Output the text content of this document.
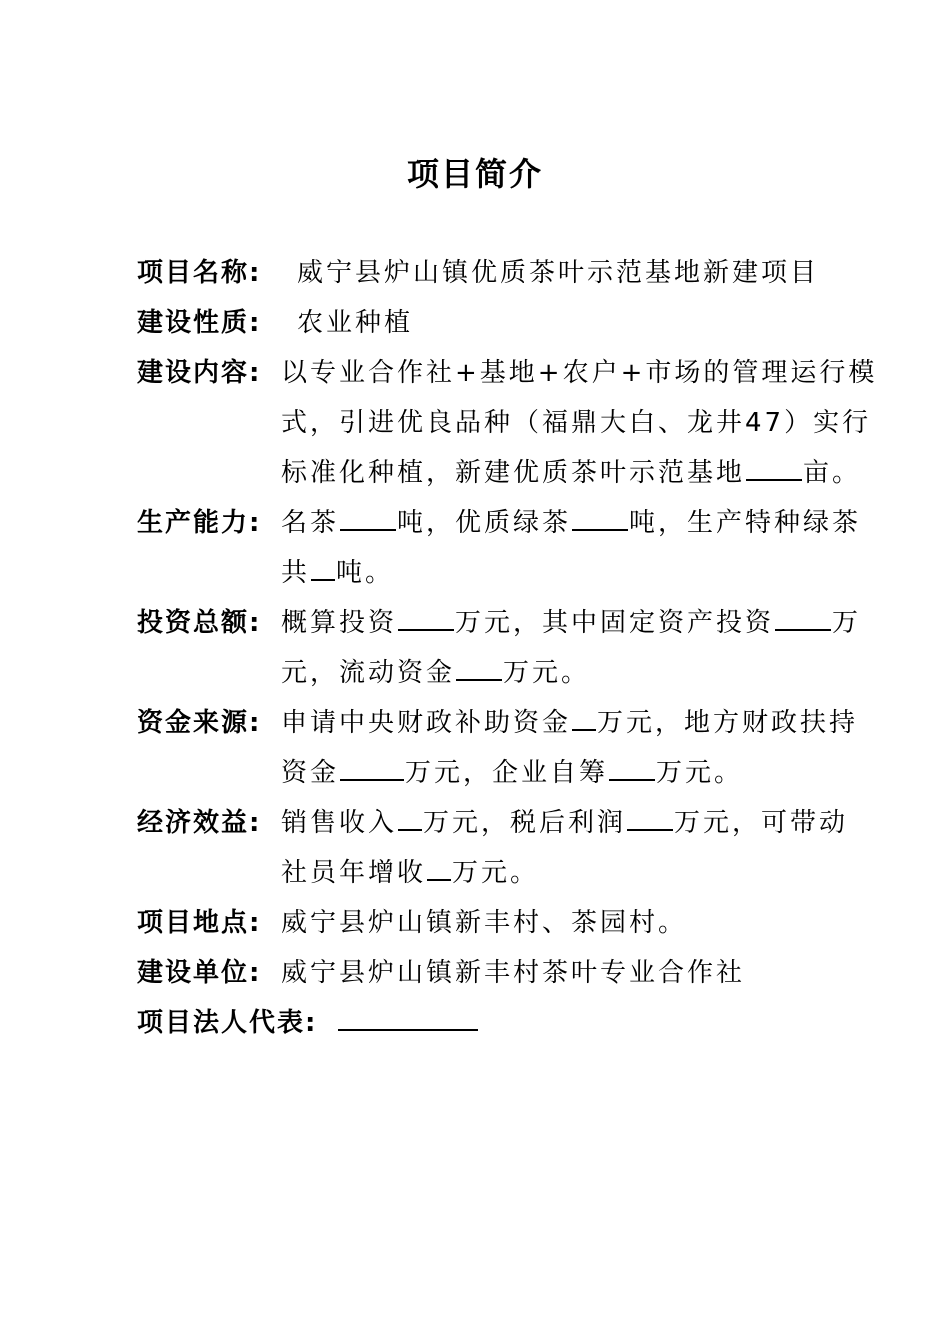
项目简介
项目名称: 威宁县炉山镇优质茶叶示范基地新建项目
建设性质: 农业种植
建设内容: 以专业合作社+基地+农户+市场的管理运行模
式，引进优良品种（福鼎大白、龙井47）实行
标准化种植，新建优质茶叶示范基地 亩。
生产能力: 名茶 吨，优质绿茶 吨，生产特种绿茶
共 吨。
投资总额: 概算投资 万元，其中固定资产投资 万
元，流动资金 万元。
资金来源: 申请中央财政补助资金 万元，地方财政扶持
资金	万元，企业自筹 万元。
经济效益: 销售收入 万元，税后利润 万元，可带动
社员年增收 万元。
项目地点: 威宁县炉山镇新丰村、茶园村。
建设单位: 威宁县炉山镇新丰村茶叶专业合作社
项目法人代表:
